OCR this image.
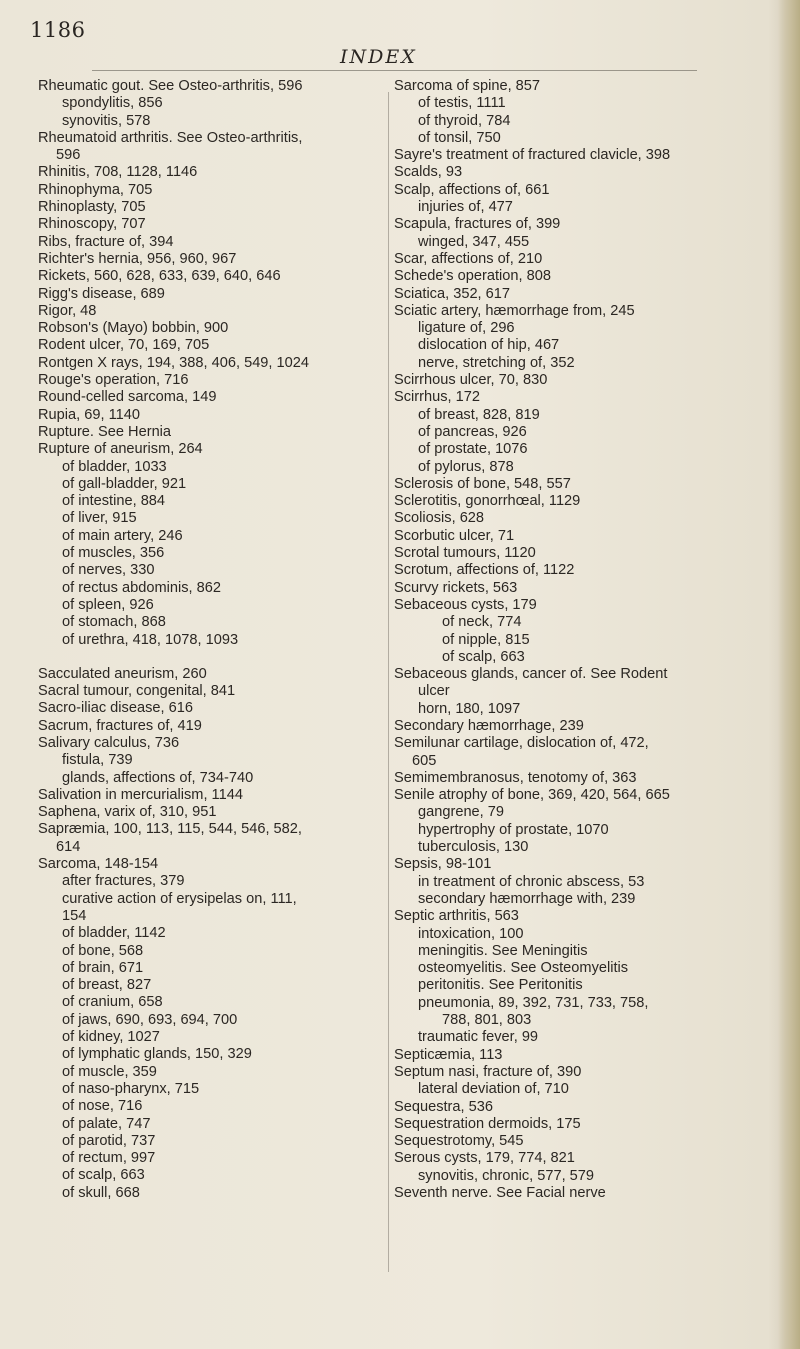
1186
INDEX
Rheumatic gout. See Osteo-arthritis, 596
spondylitis, 856
synovitis, 578
Rheumatoid arthritis. See Osteo-arthritis,
596
Rhinitis, 708, 1128, 1146
Rhinophyma, 705
Rhinoplasty, 705
Rhinoscopy, 707
Ribs, fracture of, 394
Richter's hernia, 956, 960, 967
Rickets, 560, 628, 633, 639, 640, 646
Rigg's disease, 689
Rigor, 48
Robson's (Mayo) bobbin, 900
Rodent ulcer, 70, 169, 705
Rontgen X rays, 194, 388, 406, 549, 1024
Rouge's operation, 716
Round-celled sarcoma, 149
Rupia, 69, 1140
Rupture. See Hernia
Rupture of aneurism, 264
of bladder, 1033
of gall-bladder, 921
of intestine, 884
of liver, 915
of main artery, 246
of muscles, 356
of nerves, 330
of rectus abdominis, 862
of spleen, 926
of stomach, 868
of urethra, 418, 1078, 1093
Sacculated aneurism, 260
Sacral tumour, congenital, 841
Sacro-iliac disease, 616
Sacrum, fractures of, 419
Salivary calculus, 736
fistula, 739
glands, affections of, 734-740
Salivation in mercurialism, 1144
Saphena, varix of, 310, 951
Sapræmia, 100, 113, 115, 544, 546, 582,
614
Sarcoma, 148-154
after fractures, 379
curative action of erysipelas on, 111,
154
of bladder, 1142
of bone, 568
of brain, 671
of breast, 827
of cranium, 658
of jaws, 690, 693, 694, 700
of kidney, 1027
of lymphatic glands, 150, 329
of muscle, 359
of naso-pharynx, 715
of nose, 716
of palate, 747
of parotid, 737
of rectum, 997
of scalp, 663
of skull, 668
Sarcoma of spine, 857
of testis, 1111
of thyroid, 784
of tonsil, 750
Sayre's treatment of fractured clavicle, 398
Scalds, 93
Scalp, affections of, 661
injuries of, 477
Scapula, fractures of, 399
winged, 347, 455
Scar, affections of, 210
Schede's operation, 808
Sciatica, 352, 617
Sciatic artery, hæmorrhage from, 245
ligature of, 296
dislocation of hip, 467
nerve, stretching of, 352
Scirrhous ulcer, 70, 830
Scirrhus, 172
of breast, 828, 819
of pancreas, 926
of prostate, 1076
of pylorus, 878
Sclerosis of bone, 548, 557
Sclerotitis, gonorrhœal, 1129
Scoliosis, 628
Scorbutic ulcer, 71
Scrotal tumours, 1120
Scrotum, affections of, 1122
Scurvy rickets, 563
Sebaceous cysts, 179
of neck, 774
of nipple, 815
of scalp, 663
Sebaceous glands, cancer of. See Rodent
ulcer
horn, 180, 1097
Secondary hæmorrhage, 239
Semilunar cartilage, dislocation of, 472,
605
Semimembranosus, tenotomy of, 363
Senile atrophy of bone, 369, 420, 564, 665
gangrene, 79
hypertrophy of prostate, 1070
tuberculosis, 130
Sepsis, 98-101
in treatment of chronic abscess, 53
secondary hæmorrhage with, 239
Septic arthritis, 563
intoxication, 100
meningitis. See Meningitis
osteomyelitis. See Osteomyelitis
peritonitis. See Peritonitis
pneumonia, 89, 392, 731, 733, 758,
788, 801, 803
traumatic fever, 99
Septicæmia, 113
Septum nasi, fracture of, 390
lateral deviation of, 710
Sequestra, 536
Sequestration dermoids, 175
Sequestrotomy, 545
Serous cysts, 179, 774, 821
synovitis, chronic, 577, 579
Seventh nerve. See Facial nerve
